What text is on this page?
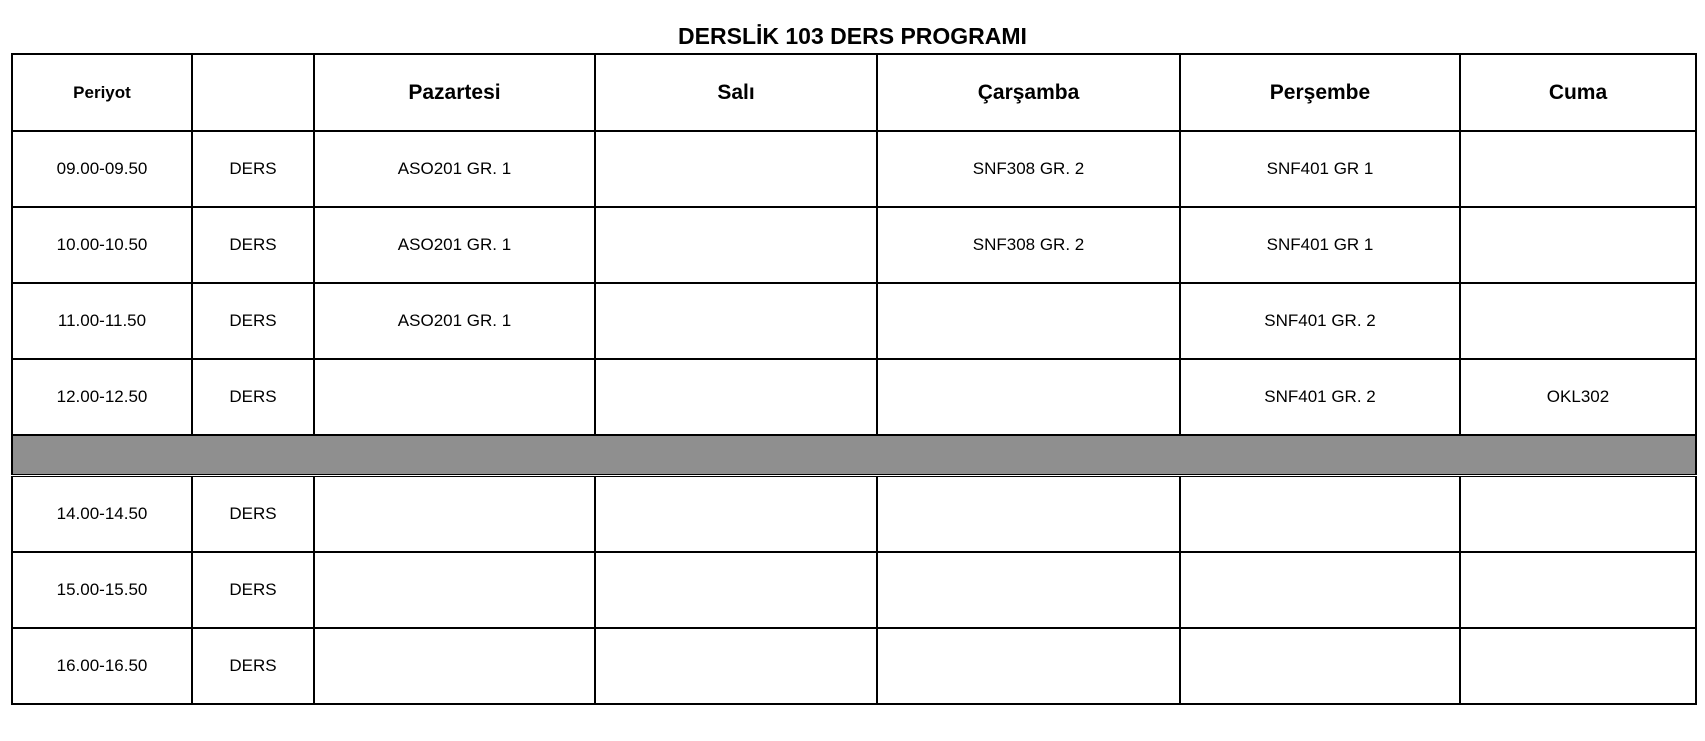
DERSLİK 103 DERS PROGRAMI
Periyot		Pazartesi	Salı	Çarşamba	Perşembe	Cuma
09.00-09.50	DERS	ASO201 GR. 1		SNF308 GR. 2	SNF401 GR 1	
10.00-10.50	DERS	ASO201 GR. 1		SNF308 GR. 2	SNF401 GR 1	
11.00-11.50	DERS	ASO201 GR. 1			SNF401 GR. 2	
12.00-12.50	DERS				SNF401 GR. 2	OKL302

14.00-14.50	DERS					
15.00-15.50	DERS					
16.00-16.50	DERS					
